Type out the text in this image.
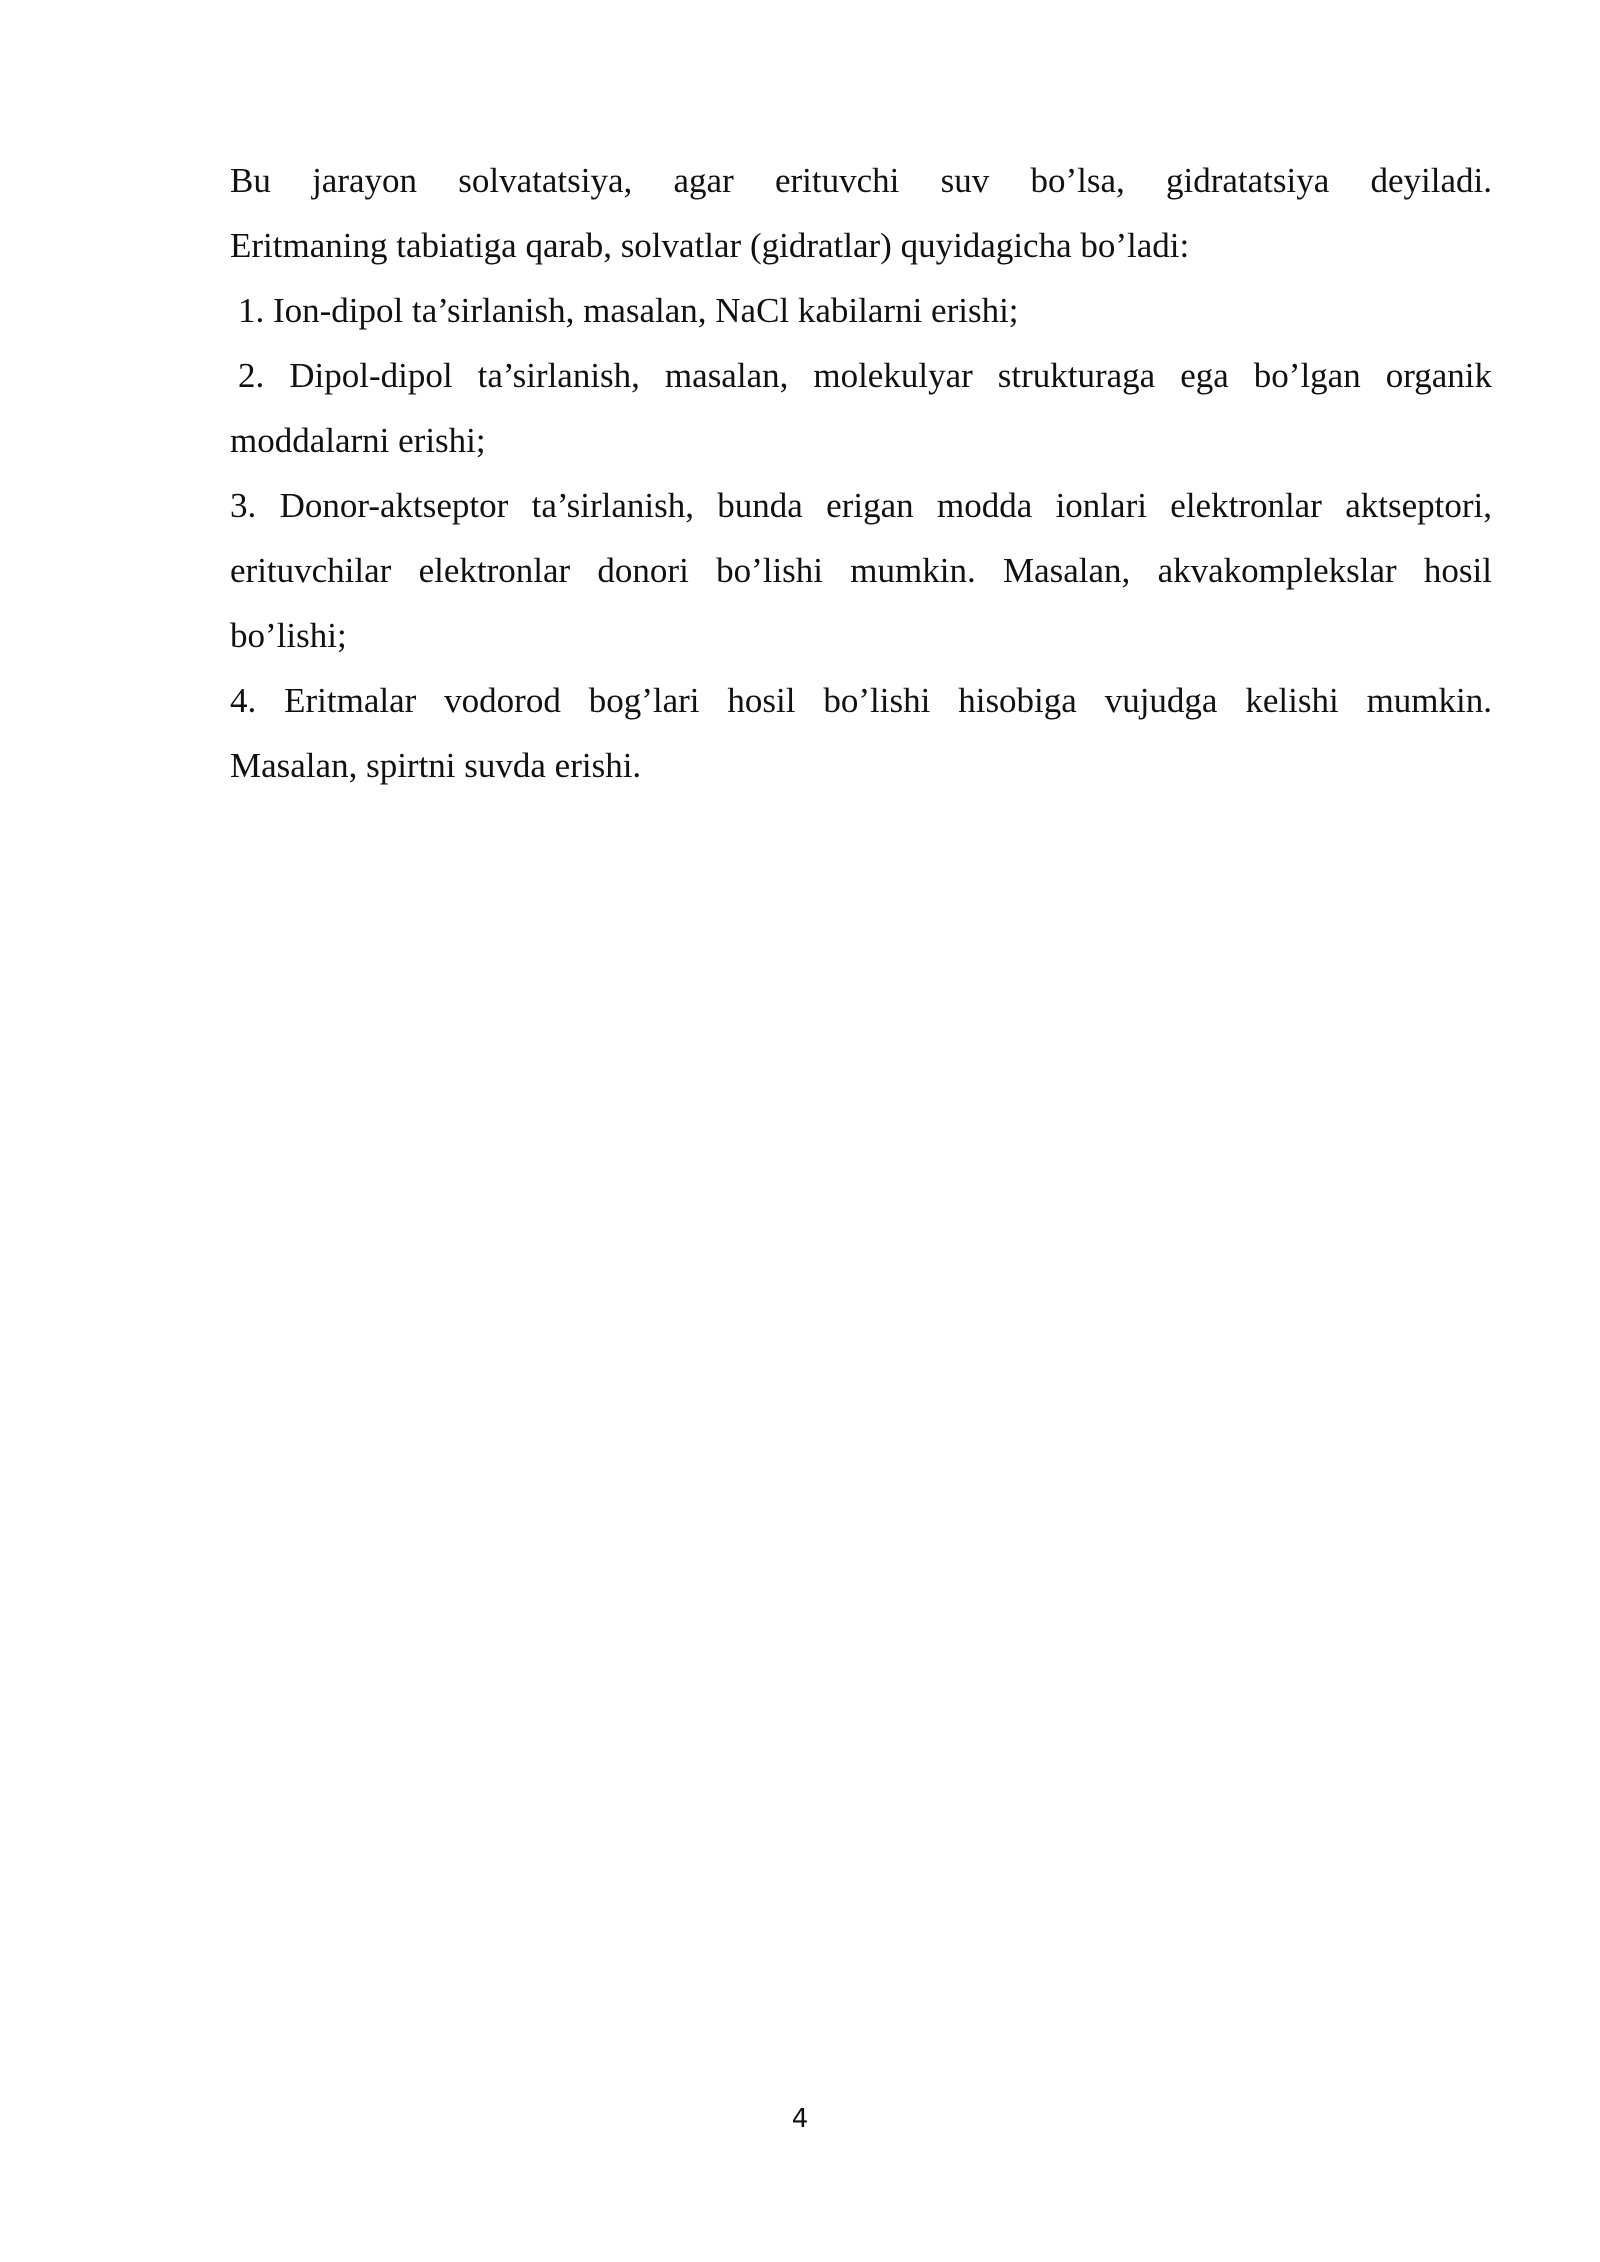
Bu jarayon solvatatsiya, agar erituvchi suv bo’lsa, gidratatsiya deyiladi.
Eritmaning tabiatiga qarab, solvatlar (gidratlar) quyidagicha bo’ladi:
1. Ion-dipol ta’sirlanish, masalan, NaCl kabilarni erishi;
2. Dipol-dipol ta’sirlanish, masalan, molekulyar strukturaga ega bo’lgan organik
moddalarni erishi;
3. Donor-aktseptor ta’sirlanish, bunda erigan modda ionlari elektronlar aktseptori,
erituvchilar elektronlar donori bo’lishi mumkin. Masalan, akvakomplekslar hosil
bo’lishi;
4. Eritmalar vodorod bog’lari hosil bo’lishi hisobiga vujudga kelishi mumkin.
Masalan, spirtni suvda erishi.
4
